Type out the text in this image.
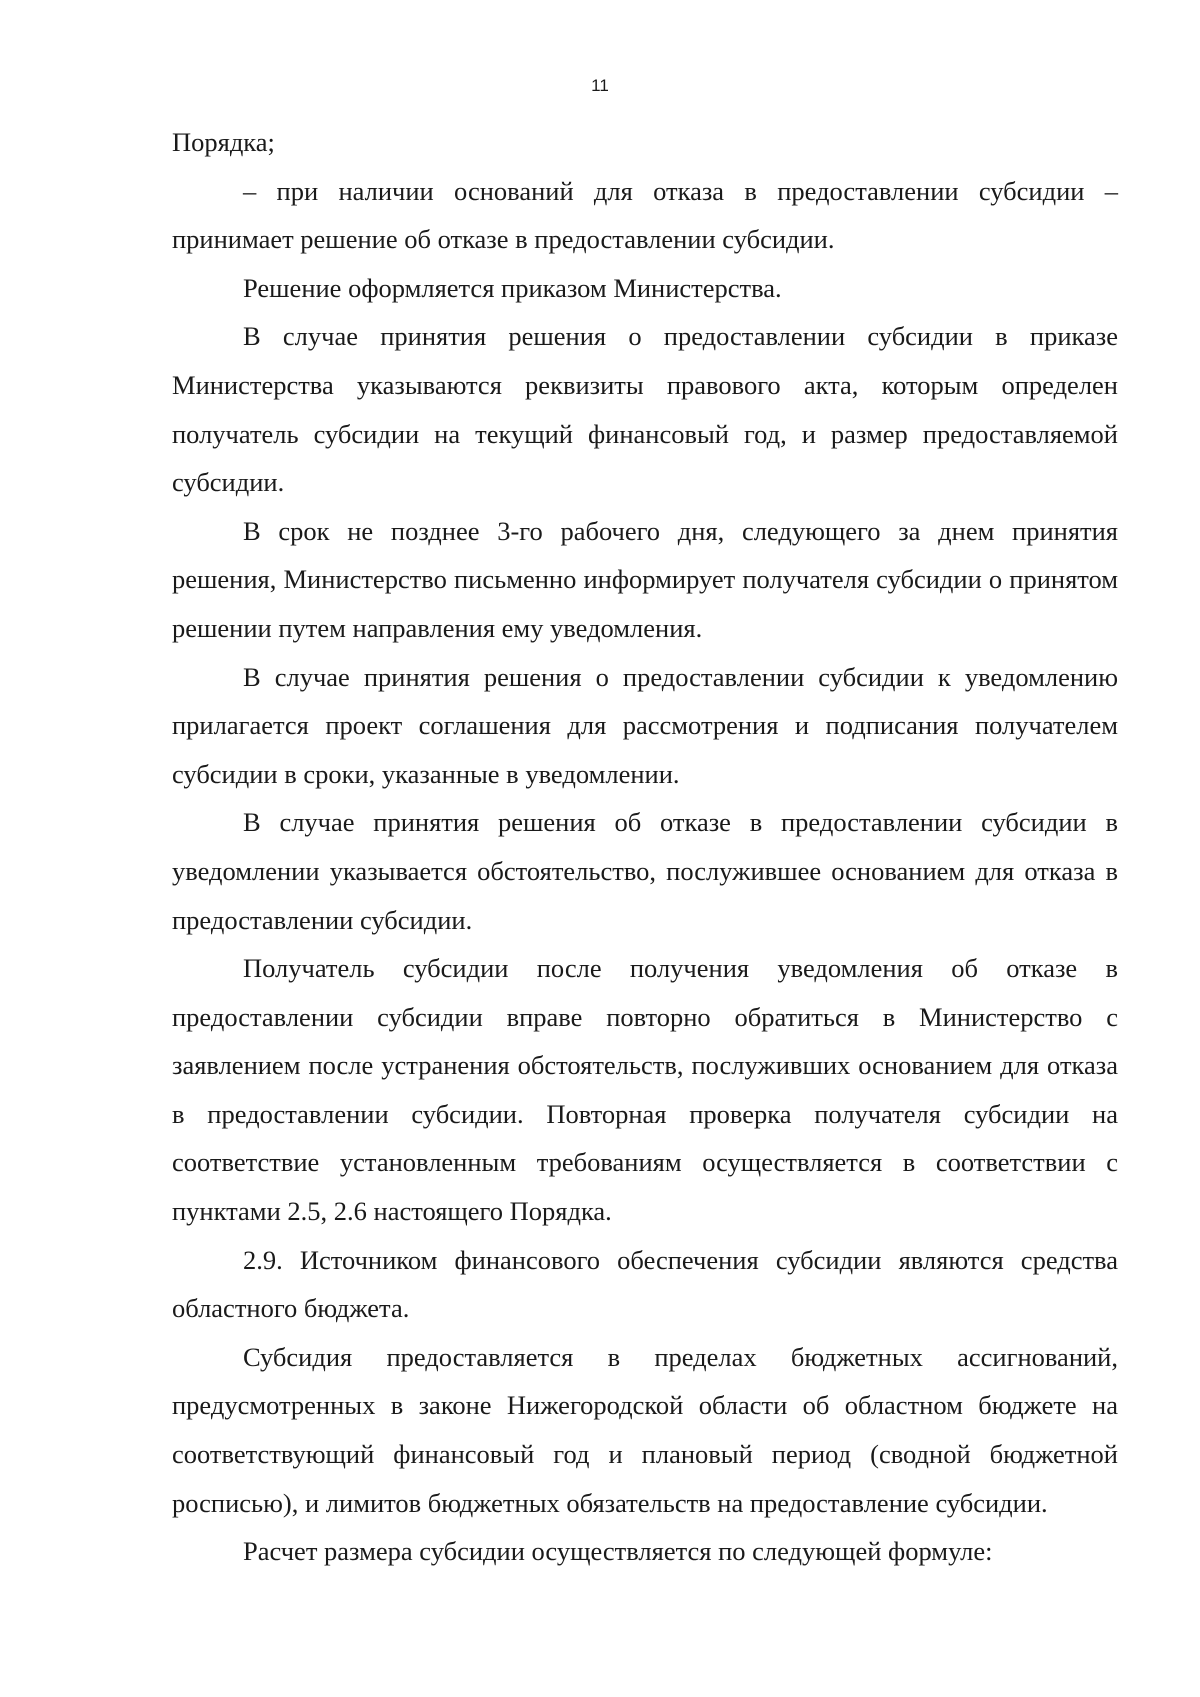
11

Порядка;

– при наличии оснований для отказа в предоставлении субсидии – принимает решение об отказе в предоставлении субсидии.

Решение оформляется приказом Министерства.

В случае принятия решения о предоставлении субсидии в приказе Министерства указываются реквизиты правового акта, которым определен получатель субсидии на текущий финансовый год, и размер предоставляемой субсидии.

В срок не позднее 3-го рабочего дня, следующего за днем принятия решения, Министерство письменно информирует получателя субсидии о принятом решении путем направления ему уведомления.

В случае принятия решения о предоставлении субсидии к уведомлению прилагается проект соглашения для рассмотрения и подписания получателем субсидии в сроки, указанные в уведомлении.

В случае принятия решения об отказе в предоставлении субсидии в уведомлении указывается обстоятельство, послужившее основанием для отказа в предоставлении субсидии.

Получатель субсидии после получения уведомления об отказе в предоставлении субсидии вправе повторно обратиться в Министерство с заявлением после устранения обстоятельств, послуживших основанием для отказа в предоставлении субсидии. Повторная проверка получателя субсидии на соответствие установленным требованиям осуществляется в соответствии с пунктами 2.5, 2.6 настоящего Порядка.

2.9. Источником финансового обеспечения субсидии являются средства областного бюджета.

Субсидия предоставляется в пределах бюджетных ассигнований, предусмотренных в законе Нижегородской области об областном бюджете на соответствующий финансовый год и плановый период (сводной бюджетной росписью), и лимитов бюджетных обязательств на предоставление субсидии.

Расчет размера субсидии осуществляется по следующей формуле:
